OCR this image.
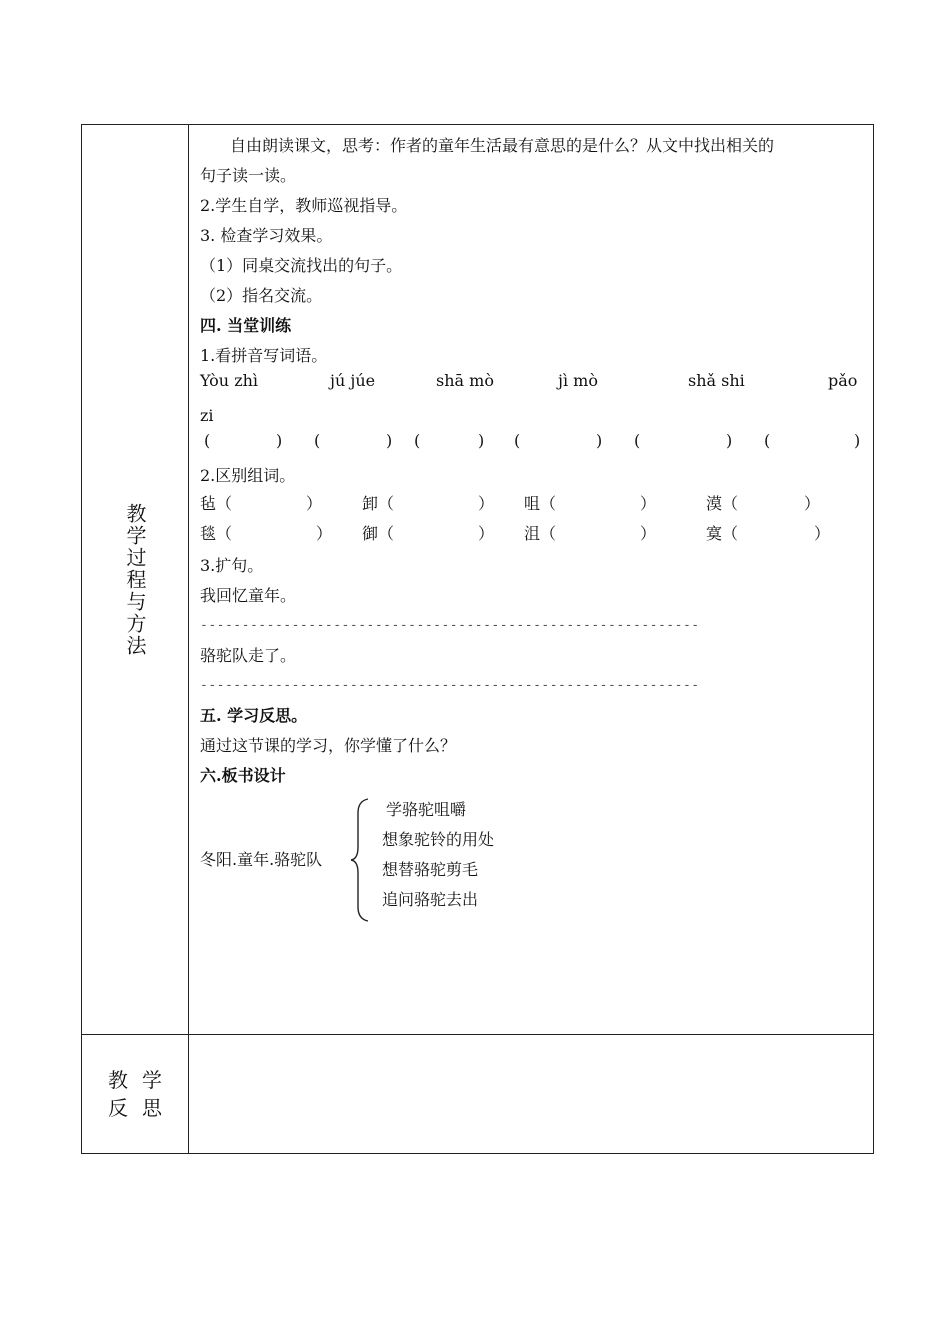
教学过程与方法
教 学
反 思
自由朗读课文，思考：作者的童年生活最有意思的是什么？从文中找出相关的
句子读一读。
2.学生自学，教师巡视指导。
3. 检查学习效果。
（1）同桌交流找出的句子。
（2）指名交流。
四. 当堂训练
1.看拼音写词语。
Yòu zhì	jú júe	shā mò	jì mò	shǎ shi	pǎo
zi
(	) (	) (	) (	) (	) (	)
2.区别组词。
毡（	） 卸（	） 咀（	）	漠（	）
毯（	） 御（	） 沮（	）	寞（	）
3.扩句。
我回忆童年。
------------------------------------------------------------
骆驼队走了。
------------------------------------------------------------
五. 学习反思。
通过这节课的学习，你学懂了什么？
六.板书设计
冬阳.童年.骆驼队
学骆驼咀嚼
想象驼铃的用处
想替骆驼剪毛
追问骆驼去出
